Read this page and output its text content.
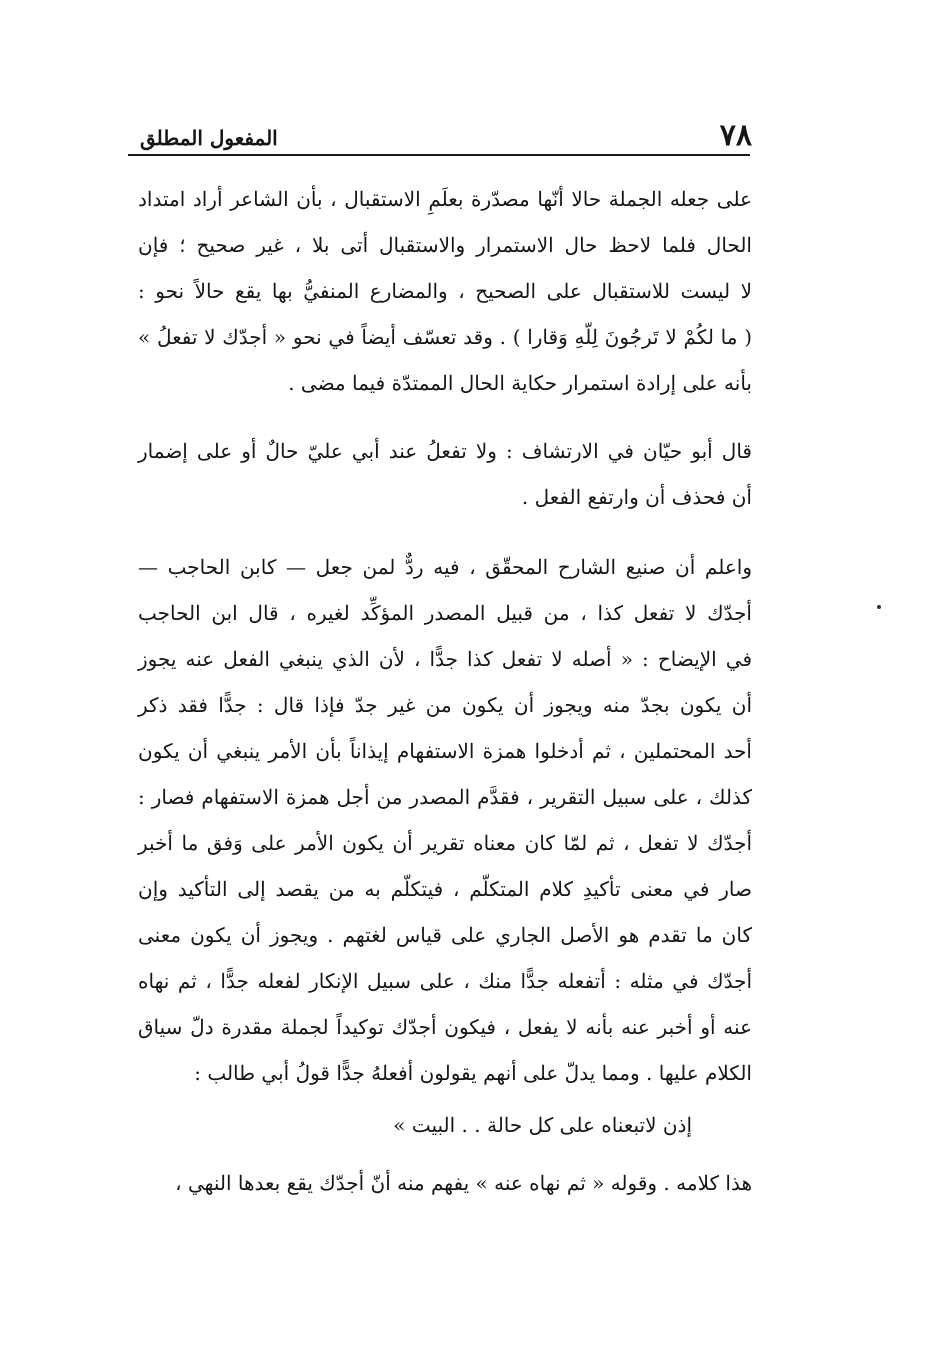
٧٨
المفعول المطلق

على جعله الجملة حالا أنّها مصدّرة بعلَمِ الاستقبال ، بأن الشاعر أراد امتداد
الحال فلما لاحظ حال الاستمرار والاستقبال أتى بلا ، غير صحيح ؛ فإن
لا ليست للاستقبال على الصحيح ، والمضارع المنفيُّ بها يقع حالاً نحو :
( ما لكُمْ لا تَرجُونَ لِلّهِ وَقارا ) . وقد تعسّف أيضاً في نحو « أجدّك لا تفعلُ »
بأنه على إرادة استمرار حكاية الحال الممتدّة فيما مضى .

قال أبو حيّان في الارتشاف : ولا تفعلُ عند أبي عليّ حالٌ أو على إضمار
أن فحذف أن وارتفع الفعل .

واعلم أن صنيع الشارح المحقّق ، فيه ردٌّ لمن جعل — كابن الحاجب —
أجدّك لا تفعل كذا ، من قبيل المصدر المؤكِّد لغيره ، قال ابن الحاجب
في الإيضاح : « أصله لا تفعل كذا جدًّا ، لأن الذي ينبغي الفعل عنه يجوز
أن يكون بجدّ منه ويجوز أن يكون من غير جدّ فإذا قال : جدًّا فقد ذكر
أحد المحتملين ، ثم أدخلوا همزة الاستفهام إيذاناً بأن الأمر ينبغي أن يكون
كذلك ، على سبيل التقرير ، فقدَّم المصدر من أجل همزة الاستفهام فصار :
أجدّك لا تفعل ، ثم لمّا كان معناه تقرير أن يكون الأمر على وَفق ما أخبر
صار في معنى تأكيدِ كلام المتكلّم ، فيتكلّم به من يقصد إلى التأكيد وإن
كان ما تقدم هو الأصل الجاري على قياس لغتهم . ويجوز أن يكون معنى
أجدّك في مثله : أتفعله جدًّا منك ، على سبيل الإنكار لفعله جدًّا ، ثم نهاه
عنه أو أخبر عنه بأنه لا يفعل ، فيكون أجدّك توكيداً لجملة مقدرة دلّ سياق
الكلام عليها . ومما يدلّ على أنهم يقولون أفعلهُ جدًّا قولُ أبي طالب :

إذن لاتبعناه على كل حالة . . البيت »

هذا كلامه . وقوله « ثم نهاه عنه » يفهم منه أنّ أجدّك يقع بعدها النهي ،
